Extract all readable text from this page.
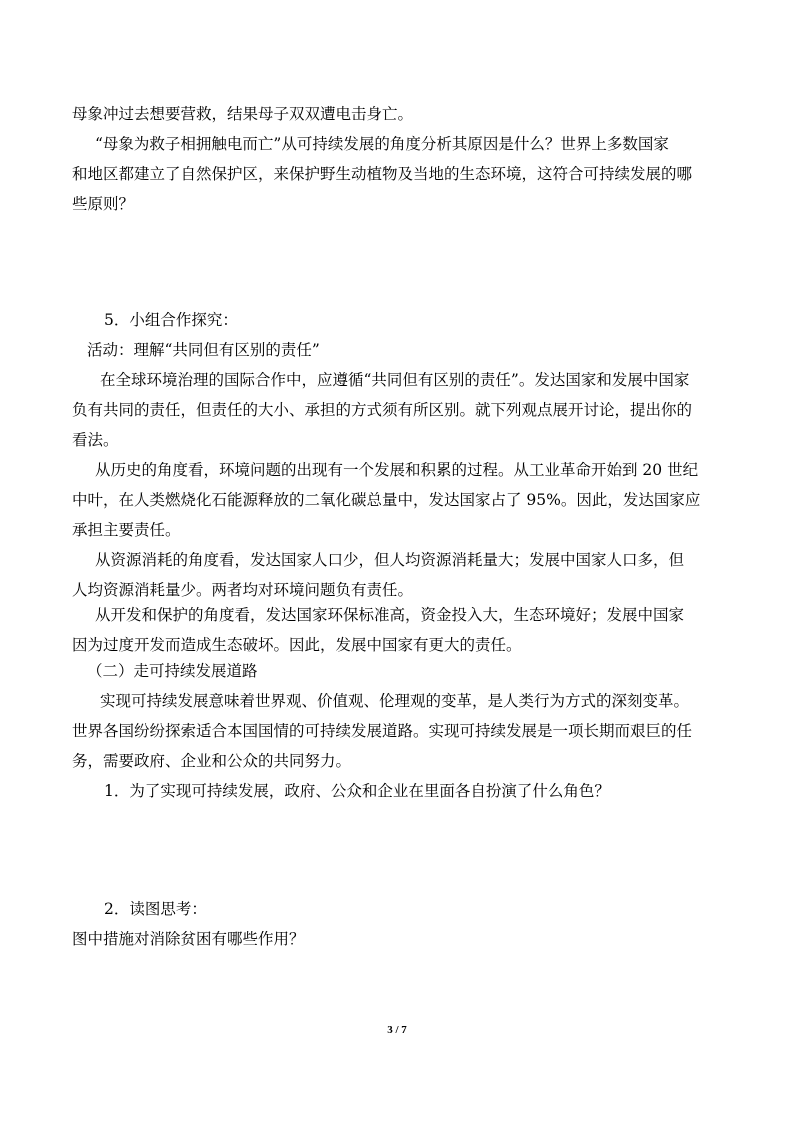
母象冲过去想要营救，结果母子双双遭电击身亡。
“母象为救子相拥触电而亡”从可持续发展的角度分析其原因是什么？世界上多数国家
和地区都建立了自然保护区，来保护野生动植物及当地的生态环境，这符合可持续发展的哪
些原则？
5．小组合作探究：
活动：理解“共同但有区别的责任”
在全球环境治理的国际合作中，应遵循“共同但有区别的责任”。发达国家和发展中国家
负有共同的责任，但责任的大小、承担的方式须有所区别。就下列观点展开讨论，提出你的
看法。
从历史的角度看，环境问题的出现有一个发展和积累的过程。从工业革命开始到 20 世纪
中叶，在人类燃烧化石能源释放的二氧化碳总量中，发达国家占了 95%。因此，发达国家应
承担主要责任。
从资源消耗的角度看，发达国家人口少，但人均资源消耗量大；发展中国家人口多，但
人均资源消耗量少。两者均对环境问题负有责任。
从开发和保护的角度看，发达国家环保标准高，资金投入大，生态环境好；发展中国家
因为过度开发而造成生态破坏。因此，发展中国家有更大的责任。
（二）走可持续发展道路
实现可持续发展意味着世界观、价值观、伦理观的变革，是人类行为方式的深刻变革。
世界各国纷纷探索适合本国国情的可持续发展道路。实现可持续发展是一项长期而艰巨的任
务，需要政府、企业和公众的共同努力。
1．为了实现可持续发展，政府、公众和企业在里面各自扮演了什么角色？
2．读图思考：
图中措施对消除贫困有哪些作用？
3 / 7
